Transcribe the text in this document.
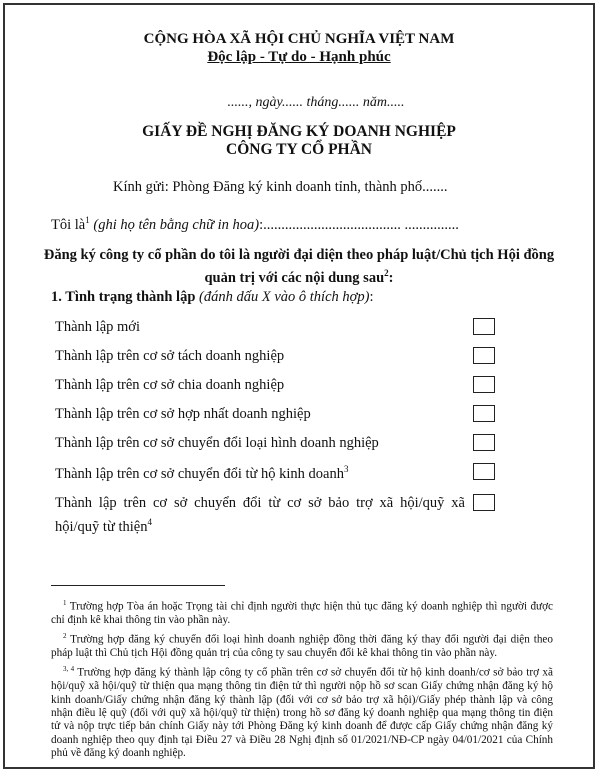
CỘNG HÒA XÃ HỘI CHỦ NGHĨA VIỆT NAM
Độc lập - Tự do - Hạnh phúc
......, ngày...... tháng...... năm.....
GIẤY ĐỀ NGHỊ ĐĂNG KÝ DOANH NGHIỆP
CÔNG TY CỔ PHẦN
Kính gửi: Phòng Đăng ký kinh doanh tỉnh, thành phố.......
Tôi $là^1$ (ghi họ tên bằng chữ in hoa):...................................... ...............
Đăng ký công ty cổ phần do tôi là người đại diện theo pháp luật/Chủ tịch Hội đồng quản trị với các nội dung sau$^2$:
1. Tình trạng thành lập (đánh dấu X vào ô thích hợp):
Thành lập mới
Thành lập trên cơ sở tách doanh nghiệp
Thành lập trên cơ sở chia doanh nghiệp
Thành lập trên cơ sở hợp nhất doanh nghiệp
Thành lập trên cơ sở chuyển đổi loại hình doanh nghiệp
Thành lập trên cơ sở chuyển đổi từ hộ kinh doanh$^3$
Thành lập trên cơ sở chuyển đổi từ cơ sở bảo trợ xã hội/quỹ xã hội/quỹ từ thiện$^4$
$^1$ Trường hợp Tòa án hoặc Trọng tài chỉ định người thực hiện thủ tục đăng ký doanh nghiệp thì người được chỉ định kê khai thông tin vào phần này.
$^2$ Trường hợp đăng ký chuyển đổi loại hình doanh nghiệp đồng thời đăng ký thay đổi người đại diện theo pháp luật thì Chủ tịch Hội đồng quản trị của công ty sau chuyển đổi kê khai thông tin vào phần này.
$^{3, 4}$ Trường hợp đăng ký thành lập công ty cổ phần trên cơ sở chuyển đổi từ hộ kinh doanh/cơ sở bảo trợ xã hội/quỹ xã hội/quỹ từ thiện qua mạng thông tin điện tử thì người nộp hồ sơ scan Giấy chứng nhận đăng ký hộ kinh doanh/Giấy chứng nhận đăng ký thành lập (đối với cơ sở bảo trợ xã hội)/Giấy phép thành lập và công nhận điều lệ quỹ (đối với quỹ xã hội/quỹ từ thiện) trong hồ sơ đăng ký doanh nghiệp qua mạng thông tin điện tử và nộp trực tiếp bản chính Giấy này tới Phòng Đăng ký kinh doanh để được cấp Giấy chứng nhận đăng ký doanh nghiệp theo quy định tại Điều 27 và Điều 28 Nghị định số 01/2021/NĐ-CP ngày 04/01/2021 của Chính phủ về đăng ký doanh nghiệp.
